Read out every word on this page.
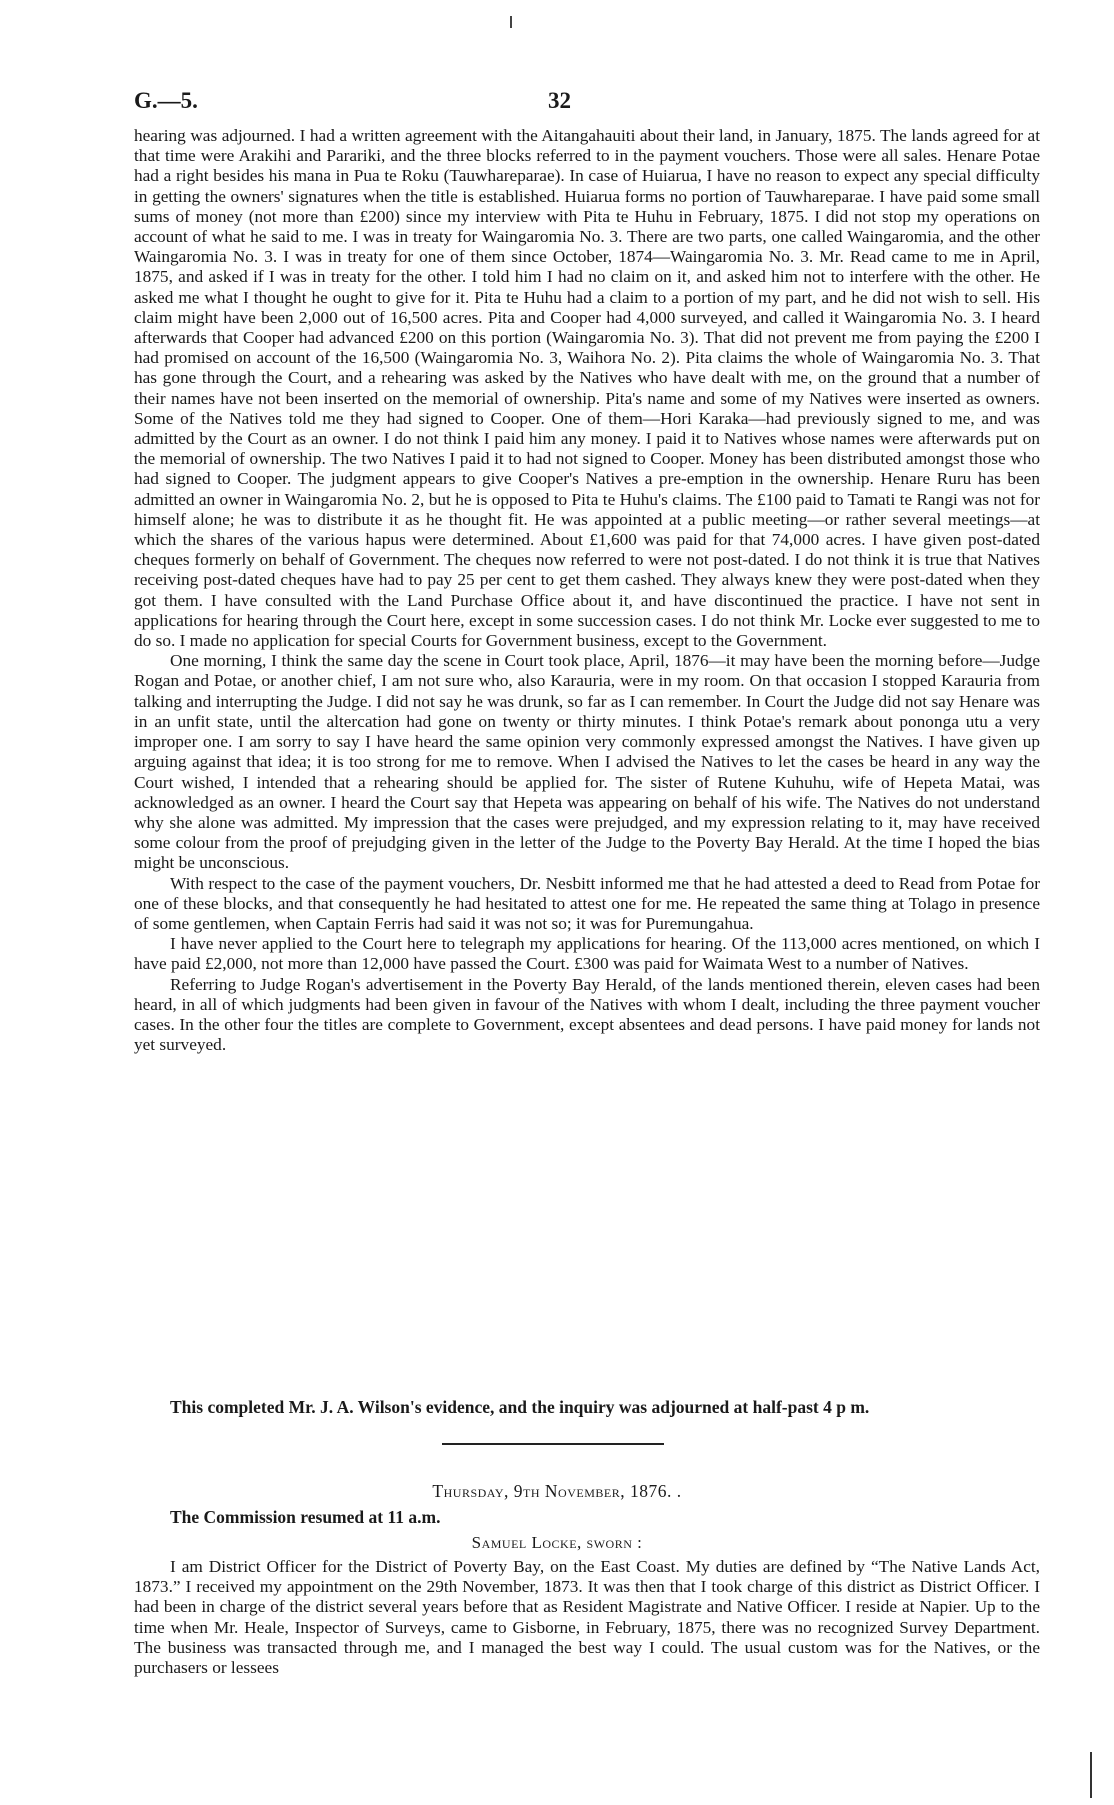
G.—5.	32

hearing was adjourned. I had a written agreement with the Aitangahauiti about their land, in January, 1875. The lands agreed for at that time were Arakihi and Parariki, and the three blocks referred to in the payment vouchers. Those were all sales. Henare Potae had a right besides his mana in Pua te Roku (Tauwhareparae). In case of Huiarua, I have no reason to expect any special difficulty in getting the owners' signatures when the title is established. Huiarua forms no portion of Tauwhareparae. I have paid some small sums of money (not more than £200) since my interview with Pita te Huhu in February, 1875. I did not stop my operations on account of what he said to me. I was in treaty for Waingaromia No. 3. There are two parts, one called Waingaromia, and the other Waingaromia No. 3. I was in treaty for one of them since October, 1874—Waingaromia No. 3. Mr. Read came to me in April, 1875, and asked if I was in treaty for the other. I told him I had no claim on it, and asked him not to interfere with the other. He asked me what I thought he ought to give for it. Pita te Huhu had a claim to a portion of my part, and he did not wish to sell. His claim might have been 2,000 out of 16,500 acres. Pita and Cooper had 4,000 surveyed, and called it Waingaromia No. 3. I heard afterwards that Cooper had advanced £200 on this portion (Waingaromia No. 3). That did not prevent me from paying the £200 I had promised on account of the 16,500 (Waingaromia No. 3, Waihora No. 2). Pita claims the whole of Waingaromia No. 3. That has gone through the Court, and a rehearing was asked by the Natives who have dealt with me, on the ground that a number of their names have not been inserted on the memorial of ownership. Pita's name and some of my Natives were inserted as owners. Some of the Natives told me they had signed to Cooper. One of them—Hori Karaka—had previously signed to me, and was admitted by the Court as an owner. I do not think I paid him any money. I paid it to Natives whose names were afterwards put on the memorial of ownership. The two Natives I paid it to had not signed to Cooper. Money has been distributed amongst those who had signed to Cooper. The judgment appears to give Cooper's Natives a pre-emption in the ownership. Henare Ruru has been admitted an owner in Waingaromia No. 2, but he is opposed to Pita te Huhu's claims. The £100 paid to Tamati te Rangi was not for himself alone; he was to distribute it as he thought fit. He was appointed at a public meeting—or rather several meetings—at which the shares of the various hapus were determined. About £1,600 was paid for that 74,000 acres. I have given post-dated cheques formerly on behalf of Government. The cheques now referred to were not post-dated. I do not think it is true that Natives receiving post-dated cheques have had to pay 25 per cent to get them cashed. They always knew they were post-dated when they got them. I have consulted with the Land Purchase Office about it, and have discontinued the practice. I have not sent in applications for hearing through the Court here, except in some succession cases. I do not think Mr. Locke ever suggested to me to do so. I made no application for special Courts for Government business, except to the Government.

One morning, I think the same day the scene in Court took place, April, 1876—it may have been the morning before—Judge Rogan and Potae, or another chief, I am not sure who, also Karauria, were in my room. On that occasion I stopped Karauria from talking and interrupting the Judge. I did not say he was drunk, so far as I can remember. In Court the Judge did not say Henare was in an unfit state, until the altercation had gone on twenty or thirty minutes. I think Potae's remark about pononga utu a very improper one. I am sorry to say I have heard the same opinion very commonly expressed amongst the Natives. I have given up arguing against that idea; it is too strong for me to remove. When I advised the Natives to let the cases be heard in any way the Court wished, I intended that a rehearing should be applied for. The sister of Rutene Kuhuhu, wife of Hepeta Matai, was acknowledged as an owner. I heard the Court say that Hepeta was appearing on behalf of his wife. The Natives do not understand why she alone was admitted. My impression that the cases were prejudged, and my expression relating to it, may have received some colour from the proof of prejudging given in the letter of the Judge to the Poverty Bay Herald. At the time I hoped the bias might be unconscious.

With respect to the case of the payment vouchers, Dr. Nesbitt informed me that he had attested a deed to Read from Potae for one of these blocks, and that consequently he had hesitated to attest one for me. He repeated the same thing at Tolago in presence of some gentlemen, when Captain Ferris had said it was not so; it was for Puremungahua.

I have never applied to the Court here to telegraph my applications for hearing. Of the 113,000 acres mentioned, on which I have paid £2,000, not more than 12,000 have passed the Court. £300 was paid for Waimata West to a number of Natives.

Referring to Judge Rogan's advertisement in the Poverty Bay Herald, of the lands mentioned therein, eleven cases had been heard, in all of which judgments had been given in favour of the Natives with whom I dealt, including the three payment voucher cases. In the other four the titles are complete to Government, except absentees and dead persons. I have paid money for lands not yet surveyed.

This completed Mr. J. A. Wilson's evidence, and the inquiry was adjourned at half-past 4 p m.
Thursday, 9th November, 1876. .
The Commission resumed at 11 a.m.
Samuel Locke, sworn :

I am District Officer for the District of Poverty Bay, on the East Coast. My duties are defined by “The Native Lands Act, 1873.” I received my appointment on the 29th November, 1873. It was then that I took charge of this district as District Officer. I had been in charge of the district several years before that as Resident Magistrate and Native Officer. I reside at Napier. Up to the time when Mr. Heale, Inspector of Surveys, came to Gisborne, in February, 1875, there was no recognized Survey Department. The business was transacted through me, and I managed the best way I could. The usual custom was for the Natives, or the purchasers or lessees
